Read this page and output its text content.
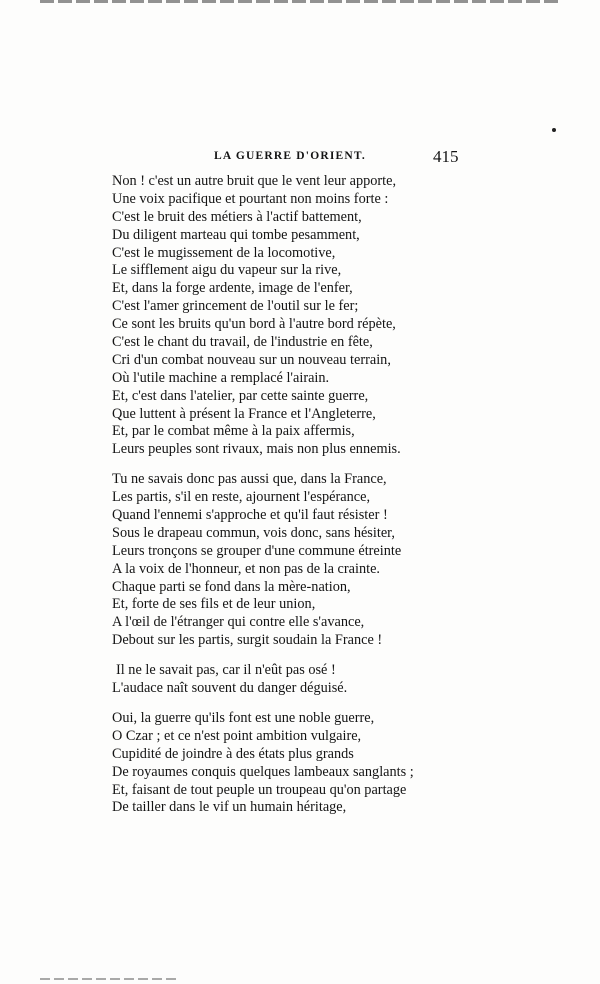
LA GUERRE D'ORIENT.	415
Non ! c'est un autre bruit que le vent leur apporte,
Une voix pacifique et pourtant non moins forte :
C'est le bruit des métiers à l'actif battement,
Du diligent marteau qui tombe pesamment,
C'est le mugissement de la locomotive,
Le sifflement aigu du vapeur sur la rive,
Et, dans la forge ardente, image de l'enfer,
C'est l'amer grincement de l'outil sur le fer;
Ce sont les bruits qu'un bord à l'autre bord répète,
C'est le chant du travail, de l'industrie en fête,
Cri d'un combat nouveau sur un nouveau terrain,
Où l'utile machine a remplacé l'airain.
Et, c'est dans l'atelier, par cette sainte guerre,
Que luttent à présent la France et l'Angleterre,
Et, par le combat même à la paix affermis,
Leurs peuples sont rivaux, mais non plus ennemis.
Tu ne savais donc pas aussi que, dans la France,
Les partis, s'il en reste, ajournent l'espérance,
Quand l'ennemi s'approche et qu'il faut résister !
Sous le drapeau commun, vois donc, sans hésiter,
Leurs tronçons se grouper d'une commune étreinte
A la voix de l'honneur, et non pas de la crainte.
Chaque parti se fond dans la mère-nation,
Et, forte de ses fils et de leur union,
A l'œil de l'étranger qui contre elle s'avance,
Debout sur les partis, surgit soudain la France !
Il ne le savait pas, car il n'eût pas osé !
L'audace naît souvent du danger déguisé.
Oui, la guerre qu'ils font est une noble guerre,
O Czar ; et ce n'est point ambition vulgaire,
Cupidité de joindre à des états plus grands
De royaumes conquis quelques lambeaux sanglants ;
Et, faisant de tout peuple un troupeau qu'on partage
De tailler dans le vif un humain héritage,
